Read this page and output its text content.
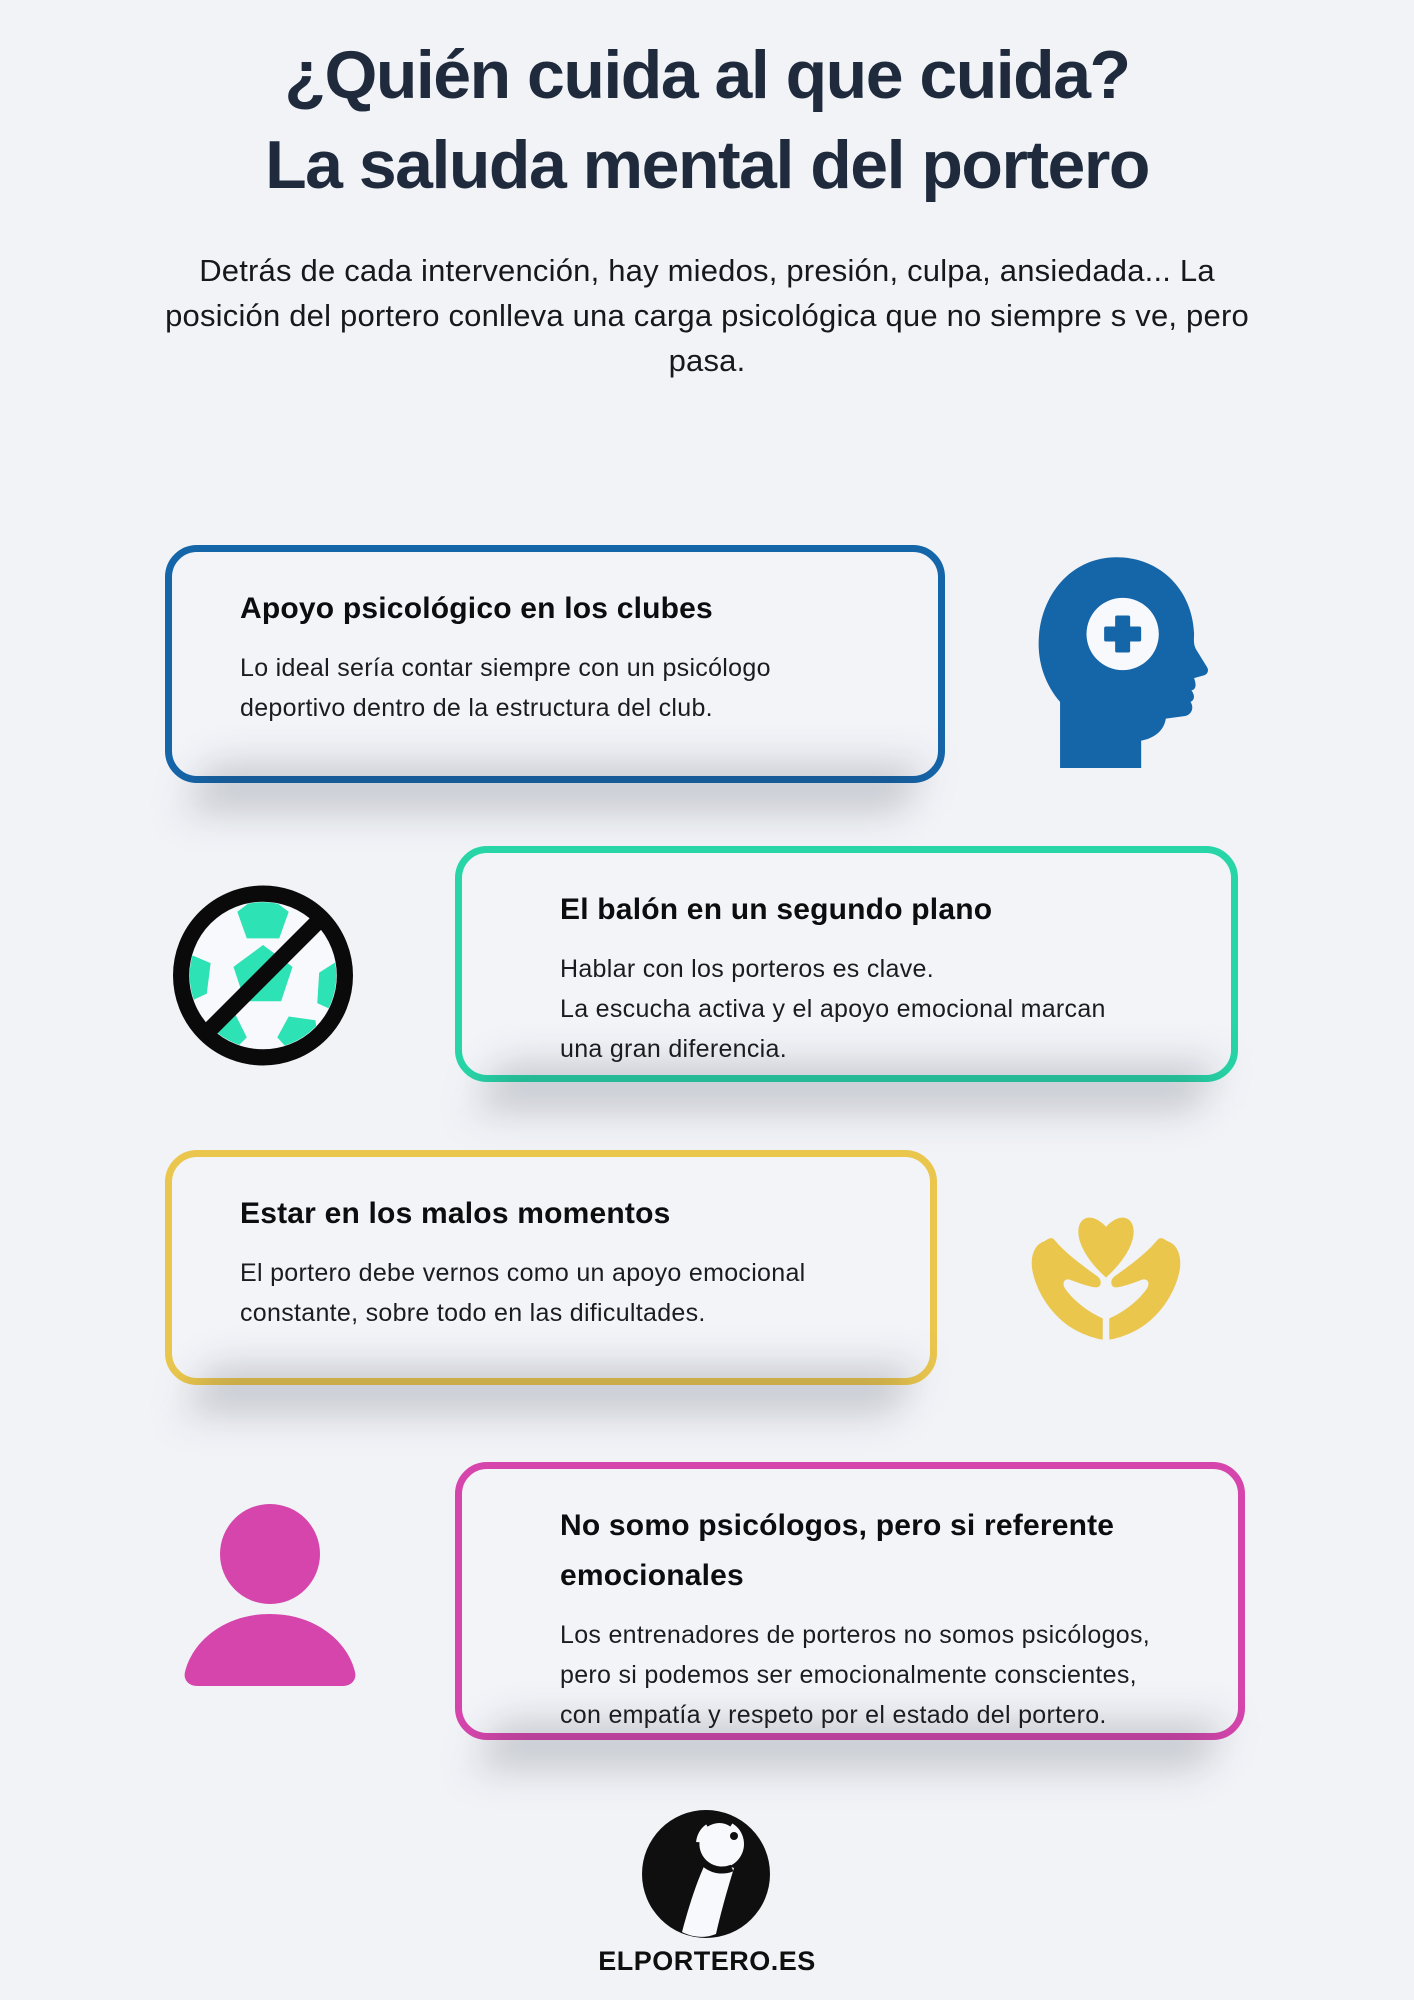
¿Quién cuida al que cuida?
La saluda mental del portero
Detrás de cada intervención, hay miedos, presión, culpa, ansiedada... La
posición del portero conlleva una carga psicológica que no siempre s ve, pero
pasa.
Apoyo psicológico en los clubes
Lo ideal sería contar siempre con un psicólogo
deportivo dentro de la estructura del club.
El balón en un segundo plano
Hablar con los porteros es clave.
La escucha activa y el apoyo emocional marcan
una gran diferencia.
Estar en los malos momentos
El portero debe vernos como un apoyo emocional
constante, sobre todo en las dificultades.
No somo psicólogos, pero si referente emocionales
Los entrenadores de porteros no somos psicólogos,
pero si podemos ser emocionalmente conscientes,
con empatía y respeto por el estado del portero.
ELPORTERO.ES
